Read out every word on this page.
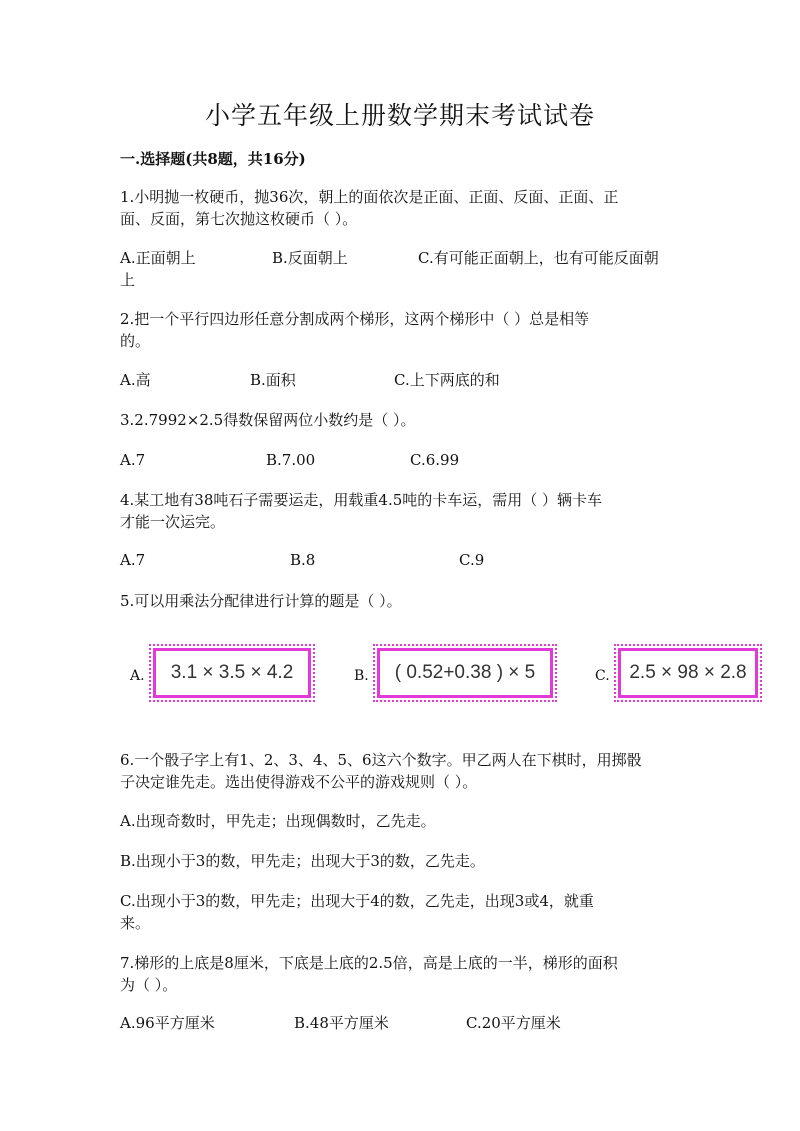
小学五年级上册数学期末考试试卷
一.选择题(共8题，共16分)
1.小明抛一枚硬币，抛36次，朝上的面依次是正面、正面、反面、正面、正
面、反面，第七次抛这枚硬币（ ）。
A.正面朝上	B.反面朝上	C.有可能正面朝上，也有可能反面朝
上
2.把一个平行四边形任意分割成两个梯形，这两个梯形中（ ）总是相等
的。
A.高	B.面积	C.上下两底的和
3.2.7992×2.5得数保留两位小数约是（ ）。
A.7	B.7.00	C.6.99
4.某工地有38吨石子需要运走，用载重4.5吨的卡车运，需用（ ）辆卡车
才能一次运完。
A.7	B.8	C.9
5.可以用乘法分配律进行计算的题是（ ）。
A. 3.1 × 3.5 × 4.2	B. ( 0.52+0.38 ) × 5	C. 2.5 × 98 × 2.8
6.一个骰子字上有1、2、3、4、5、6这六个数字。甲乙两人在下棋时，用掷骰
子决定谁先走。选出使得游戏不公平的游戏规则（ ）。
A.出现奇数时，甲先走；出现偶数时，乙先走。
B.出现小于3的数，甲先走；出现大于3的数，乙先走。
C.出现小于3的数，甲先走；出现大于4的数，乙先走，出现3或4，就重
来。
7.梯形的上底是8厘米，下底是上底的2.5倍，高是上底的一半，梯形的面积
为（ ）。
A.96平方厘米	B.48平方厘米	C.20平方厘米
